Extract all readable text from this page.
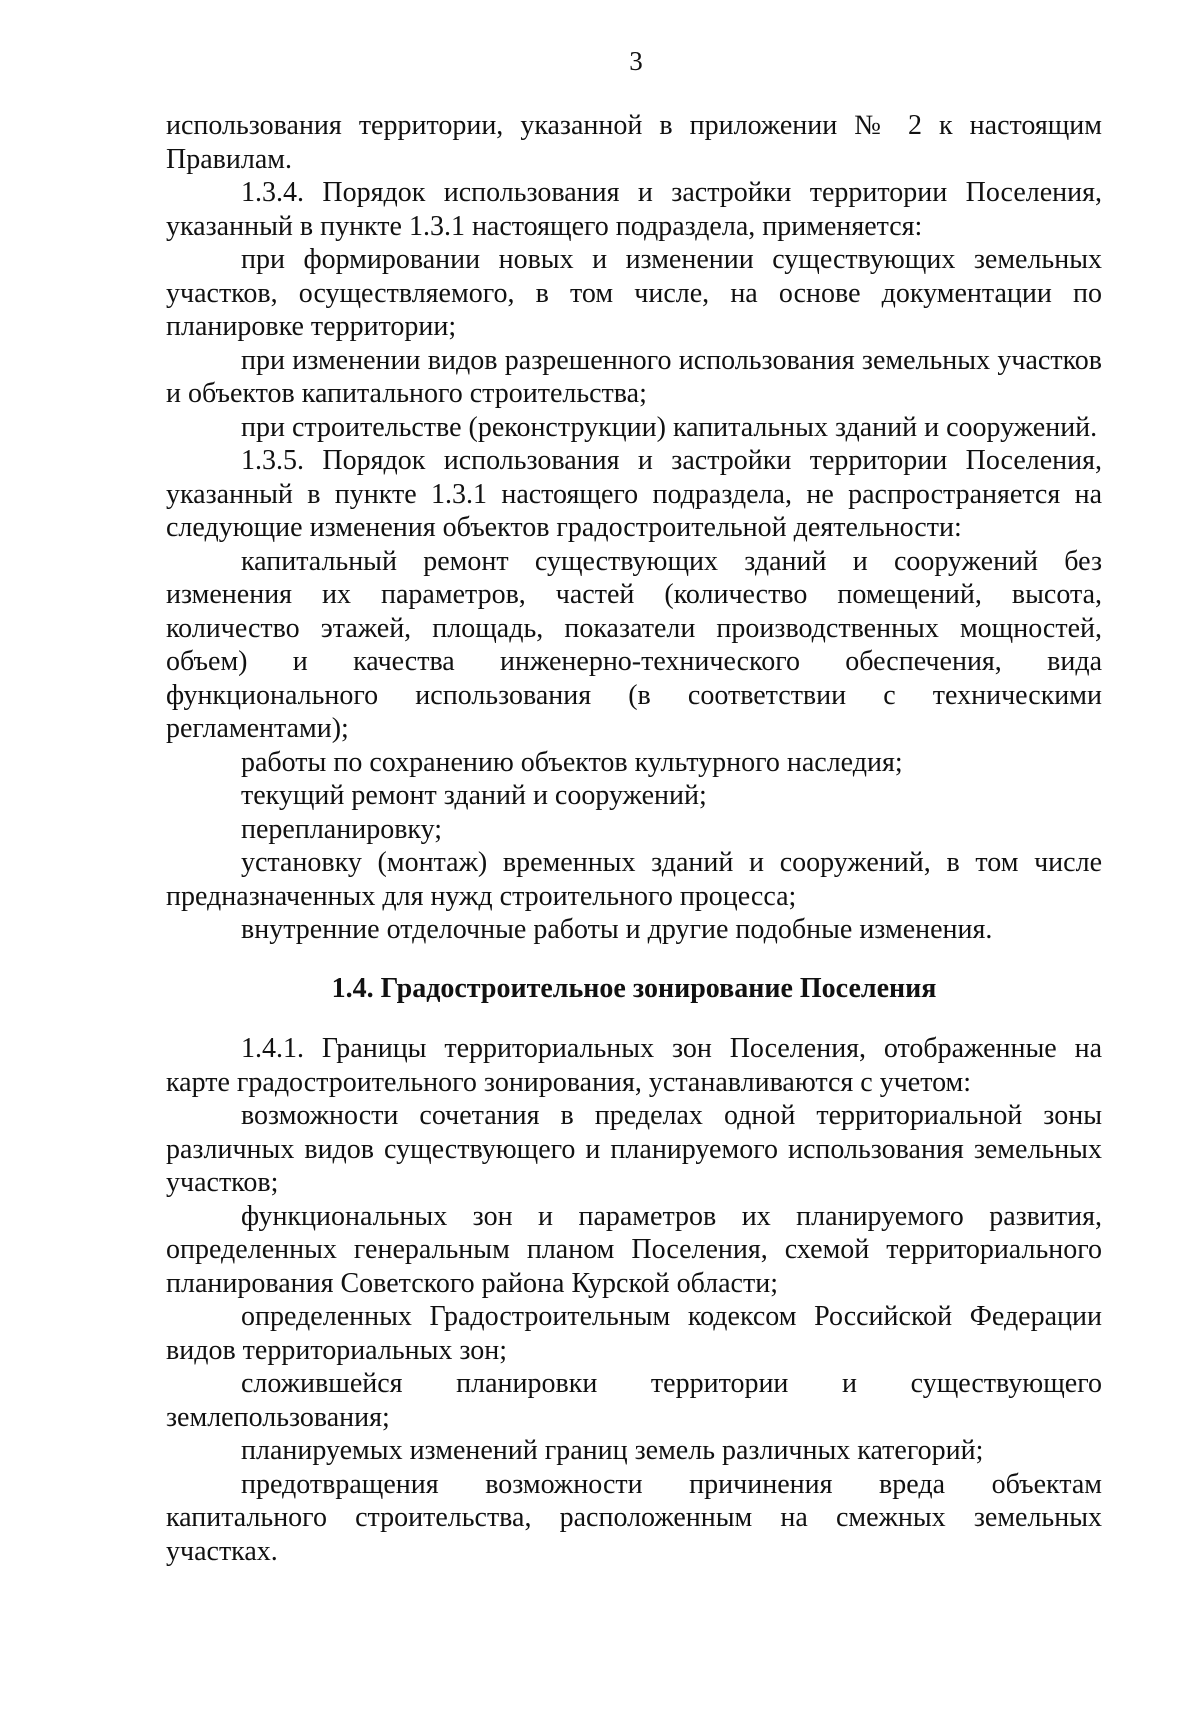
3

использования территории, указанной в приложении № 2 к настоящим Правилам.

1.3.4. Порядок использования и застройки территории Поселения, указанный в пункте 1.3.1 настоящего подраздела, применяется:

при формировании новых и изменении существующих земельных участков, осуществляемого, в том числе, на основе документации по планировке территории;

при изменении видов разрешенного использования земельных участков и объектов капитального строительства;

при строительстве (реконструкции) капитальных зданий и сооружений.

1.3.5. Порядок использования и застройки территории Поселения, указанный в пункте 1.3.1 настоящего подраздела, не распространяется на следующие изменения объектов градостроительной деятельности:

капитальный ремонт существующих зданий и сооружений без изменения их параметров, частей (количество помещений, высота, количество этажей, площадь, показатели производственных мощностей, объем) и качества инженерно-технического обеспечения, вида функционального использования (в соответствии с техническими регламентами);

работы по сохранению объектов культурного наследия;

текущий ремонт зданий и сооружений;

перепланировку;

установку (монтаж) временных зданий и сооружений, в том числе предназначенных для нужд строительного процесса;

внутренние отделочные работы и другие подобные изменения.

1.4. Градостроительное зонирование Поселения

1.4.1. Границы территориальных зон Поселения, отображенные на карте градостроительного зонирования, устанавливаются с учетом:

возможности сочетания в пределах одной территориальной зоны различных видов существующего и планируемого использования земельных участков;

функциональных зон и параметров их планируемого развития, определенных генеральным планом Поселения, схемой территориального планирования Советского района Курской области;

определенных Градостроительным кодексом Российской Федерации видов территориальных зон;

сложившейся планировки территории и существующего землепользования;

планируемых изменений границ земель различных категорий;

предотвращения возможности причинения вреда объектам капитального строительства, расположенным на смежных земельных участках.
